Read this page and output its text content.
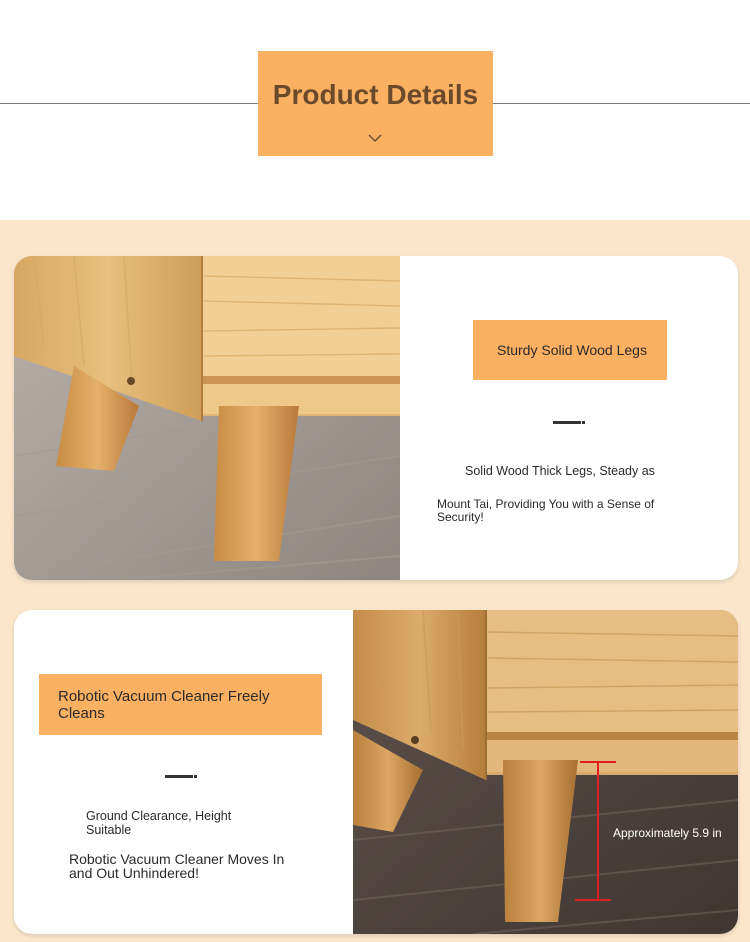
Product Details
Sturdy Solid Wood Legs
Solid Wood Thick Legs, Steady as
Mount Tai, Providing You with a Sense of Security!
Robotic Vacuum Cleaner Freely Cleans
Ground Clearance, Height Suitable
Robotic Vacuum Cleaner Moves In and Out Unhindered!
Approximately 5.9 in
